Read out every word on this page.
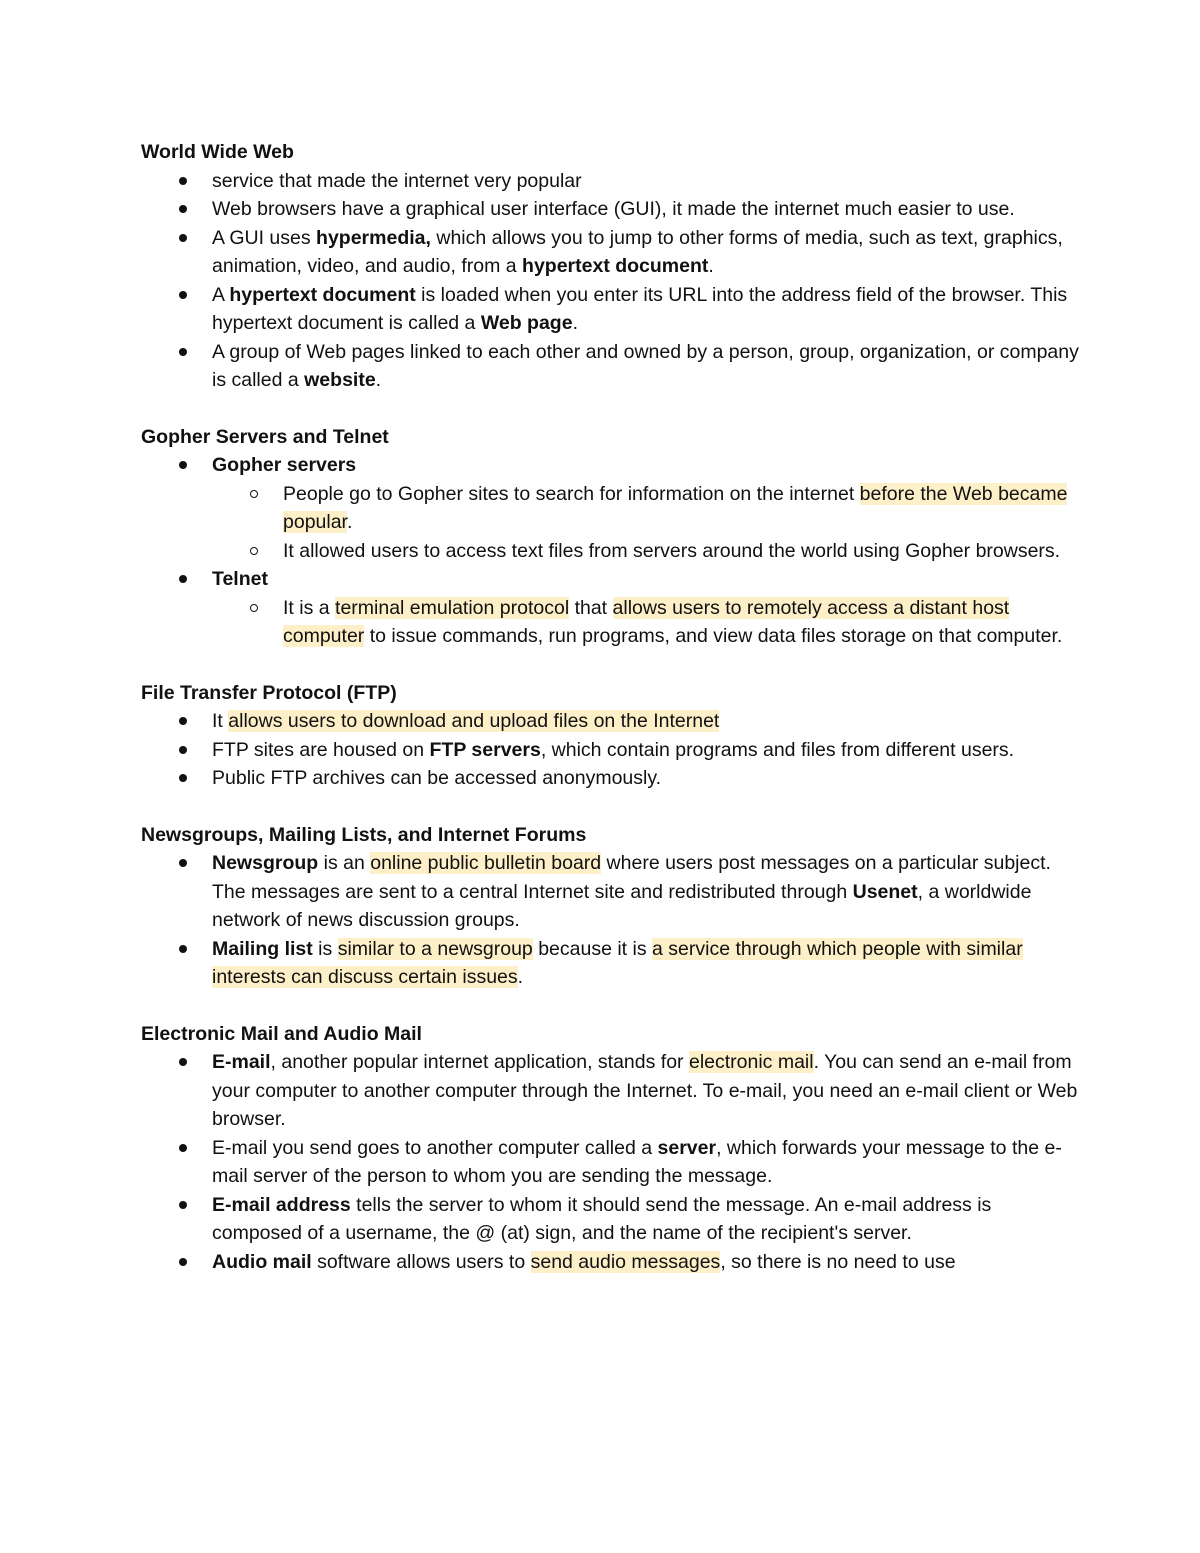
World Wide Web

service that made the internet very popular
Web browsers have a graphical user interface (GUI), it made the internet much easier to use.
A GUI uses hypermedia, which allows you to jump to other forms of media, such as text, graphics, animation, video, and audio, from a hypertext document.
A hypertext document is loaded when you enter its URL into the address field of the browser. This hypertext document is called a Web page.
A group of Web pages linked to each other and owned by a person, group, organization, or company is called a website.

Gopher Servers and Telnet

Gopher servers
People go to Gopher sites to search for information on the internet before the Web became popular.
It allowed users to access text files from servers around the world using Gopher browsers.
Telnet
It is a terminal emulation protocol that allows users to remotely access a distant host computer to issue commands, run programs, and view data files storage on that computer.

File Transfer Protocol (FTP)

It allows users to download and upload files on the Internet
FTP sites are housed on FTP servers, which contain programs and files from different users.
Public FTP archives can be accessed anonymously.

Newsgroups, Mailing Lists, and Internet Forums

Newsgroup is an online public bulletin board where users post messages on a particular subject. The messages are sent to a central Internet site and redistributed through Usenet, a worldwide network of news discussion groups.
Mailing list is similar to a newsgroup because it is a service through which people with similar interests can discuss certain issues.

Electronic Mail and Audio Mail

E-mail, another popular internet application, stands for electronic mail. You can send an e-mail from your computer to another computer through the Internet. To e-mail, you need an e-mail client or Web browser.
E-mail you send goes to another computer called a server, which forwards your message to the e-mail server of the person to whom you are sending the message.
E-mail address tells the server to whom it should send the message. An e-mail address is composed of a username, the @ (at) sign, and the name of the recipient's server.
Audio mail software allows users to send audio messages, so there is no need to use
